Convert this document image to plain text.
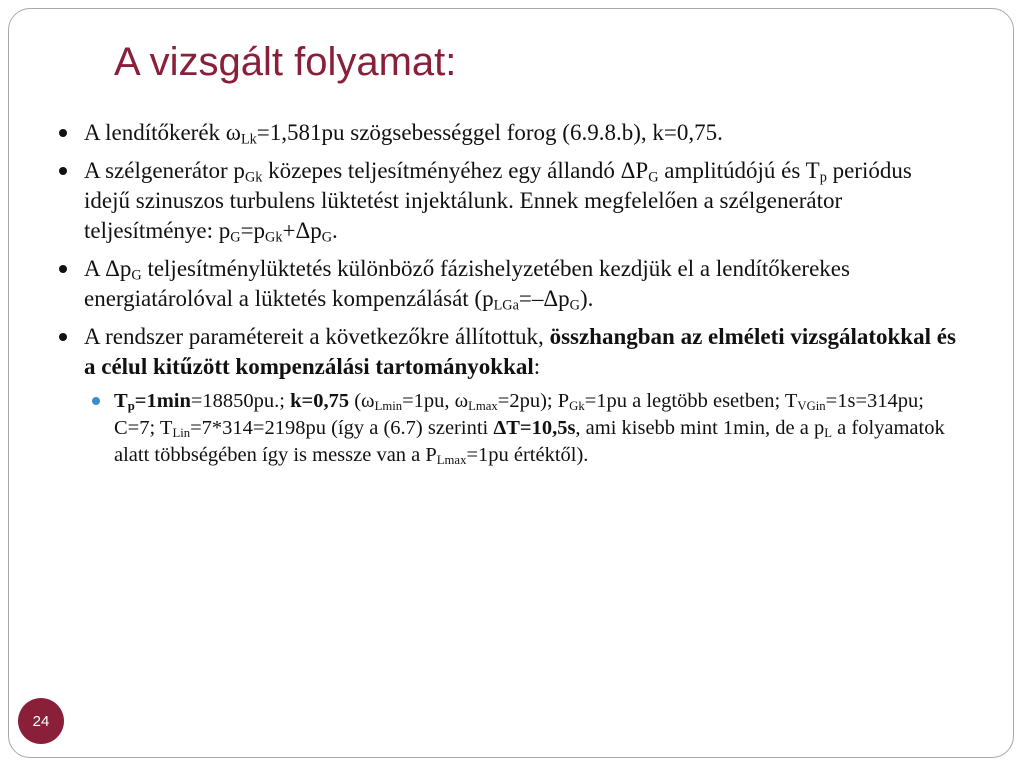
A vizsgált folyamat:
A lendítőkerék $\omega_{Lk}=1,581pu$ szögsebességgel forog (6.9.8.b), k=0,75.
A szélgenerátor $p_{Gk}$ közepes teljesítményéhez egy állandó $\Delta P_G$ amplitúdójú és $T_p$ periódus idejű szinuszos turbulens lüktetést injektálunk. Ennek megfelelően a szélgenerátor teljesítménye: $p_G=p_{Gk}+\Delta p_G$.
A $\Delta p_G$ teljesítménylüktetés különböző fázishelyzetében kezdjük el a lendítőkerekes energiatárolóval a lüktetés kompenzálását $(p_{LGa}=-\Delta p_G)$.
A rendszer paramétereit a következőkre állítottuk, összhangban az elméleti vizsgálatokkal és a célul kitűzött kompenzálási tartományokkal:
$T_p=1\min=18850pu$.; k=0,75 ($\omega_{Lmin}=1pu$, $\omega_{Lmax}=2pu$); $P_{Gk}=1pu$ a legtöbb esetben; $T_{VGin}=1s=314pu$; C=7; $T_{Lin}=7*314=2198pu$ (így a (6.7) szerinti ΔT=10,5s, ami kisebb mint 1min, de a $p_L$ a folyamatok alatt többségében így is messze van a $P_{Lmax}=1pu$ értéktől).
24
